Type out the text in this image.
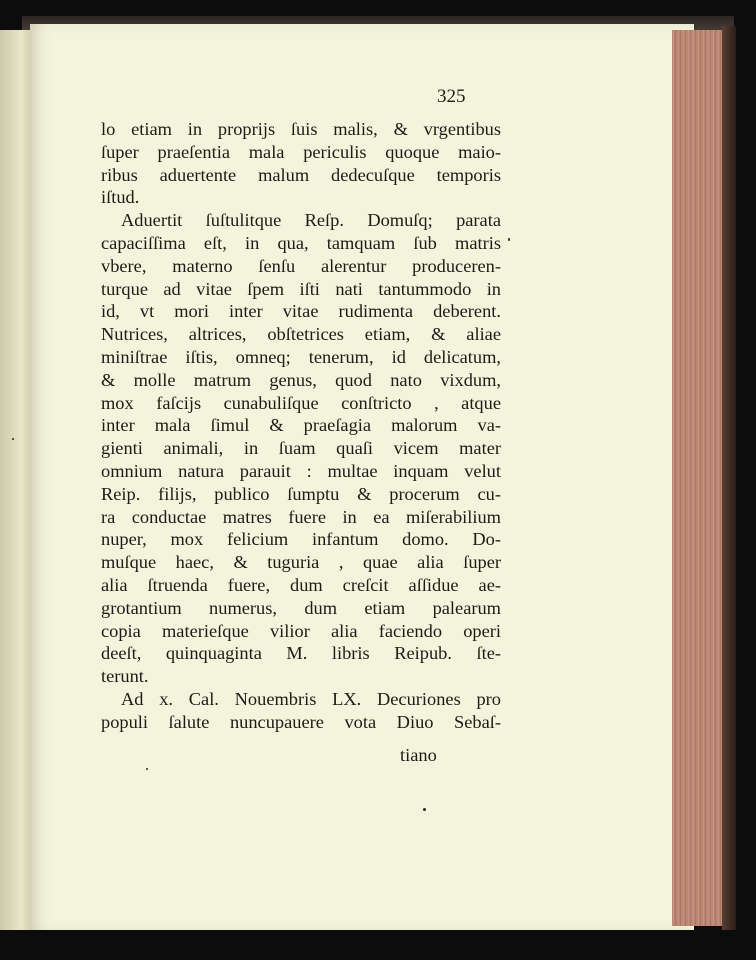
325
lo etiam in proprijs ſuis malis, & vrgentibus
ſuper praeſentia mala periculis quoque maio-
ribus aduertente malum dedecuſque temporis
iſtud.
Aduertit ſuſtulitque Reſp. Domuſq; parata
capaciſſima eſt, in qua, tamquam ſub matris
vbere, materno ſenſu alerentur produceren-
turque ad vitae ſpem iſti nati tantummodo in
id, vt mori inter vitae rudimenta deberent.
Nutrices, altrices, obſtetrices etiam, & aliae
miniſtrae iſtis, omneq; tenerum, id delicatum,
& molle matrum genus, quod nato vixdum,
mox faſcijs cunabuliſque conſtricto , atque
inter mala ſimul & praeſagia malorum va-
gienti animali, in ſuam quaſi vicem mater
omnium natura parauit : multae inquam velut
Reip. filijs, publico ſumptu & procerum cu-
ra conductae matres fuere in ea miſerabilium
nuper, mox felicium infantum domo. Do-
muſque haec, & tuguria , quae alia ſuper
alia ſtruenda fuere, dum creſcit aſſidue ae-
grotantium numerus, dum etiam palearum
copia materieſque vilior alia faciendo operi
deeſt, quinquaginta M. libris Reipub. ſte-
terunt.
Ad x. Cal. Nouembris LX. Decuriones pro
populi ſalute nuncupauere vota Diuo Sebaſ-
tiano
